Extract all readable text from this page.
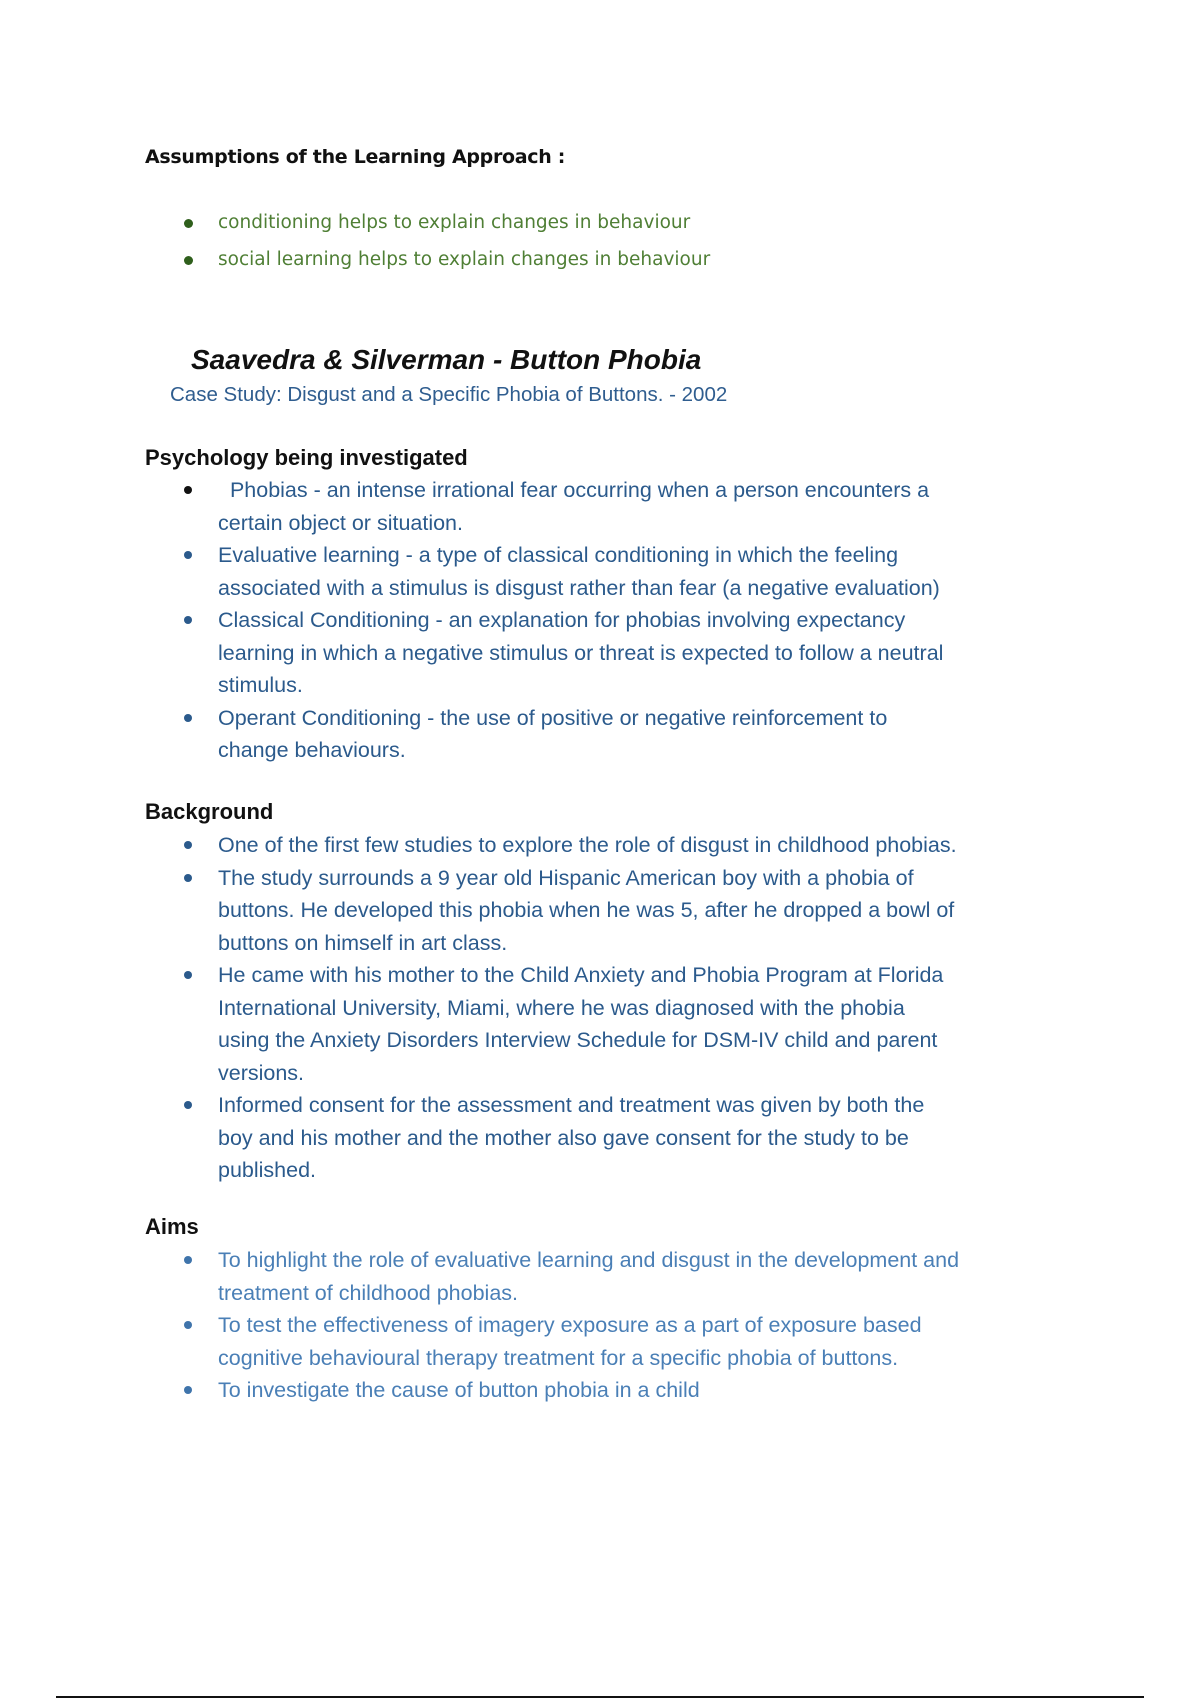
Assumptions of the Learning Approach :
conditioning helps to explain changes in behaviour
social learning helps to explain changes in behaviour
Saavedra & Silverman - Button Phobia
Case Study: Disgust and a Specific Phobia of Buttons. - 2002
Psychology being investigated
Phobias - an intense irrational fear occurring when a person encounters a
certain object or situation.
Evaluative learning - a type of classical conditioning in which the feeling
associated with a stimulus is disgust rather than fear (a negative evaluation)
Classical Conditioning - an explanation for phobias involving expectancy
learning in which a negative stimulus or threat is expected to follow a neutral
stimulus.
Operant Conditioning - the use of positive or negative reinforcement to
change behaviours.
Background
One of the first few studies to explore the role of disgust in childhood phobias.
The study surrounds a 9 year old Hispanic American boy with a phobia of
buttons. He developed this phobia when he was 5, after he dropped a bowl of
buttons on himself in art class.
He came with his mother to the Child Anxiety and Phobia Program at Florida
International University, Miami, where he was diagnosed with the phobia
using the Anxiety Disorders Interview Schedule for DSM-IV child and parent
versions.
Informed consent for the assessment and treatment was given by both the
boy and his mother and the mother also gave consent for the study to be
published.
Aims
To highlight the role of evaluative learning and disgust in the development and
treatment of childhood phobias.
To test the effectiveness of imagery exposure as a part of exposure based
cognitive behavioural therapy treatment for a specific phobia of buttons.
To investigate the cause of button phobia in a child
